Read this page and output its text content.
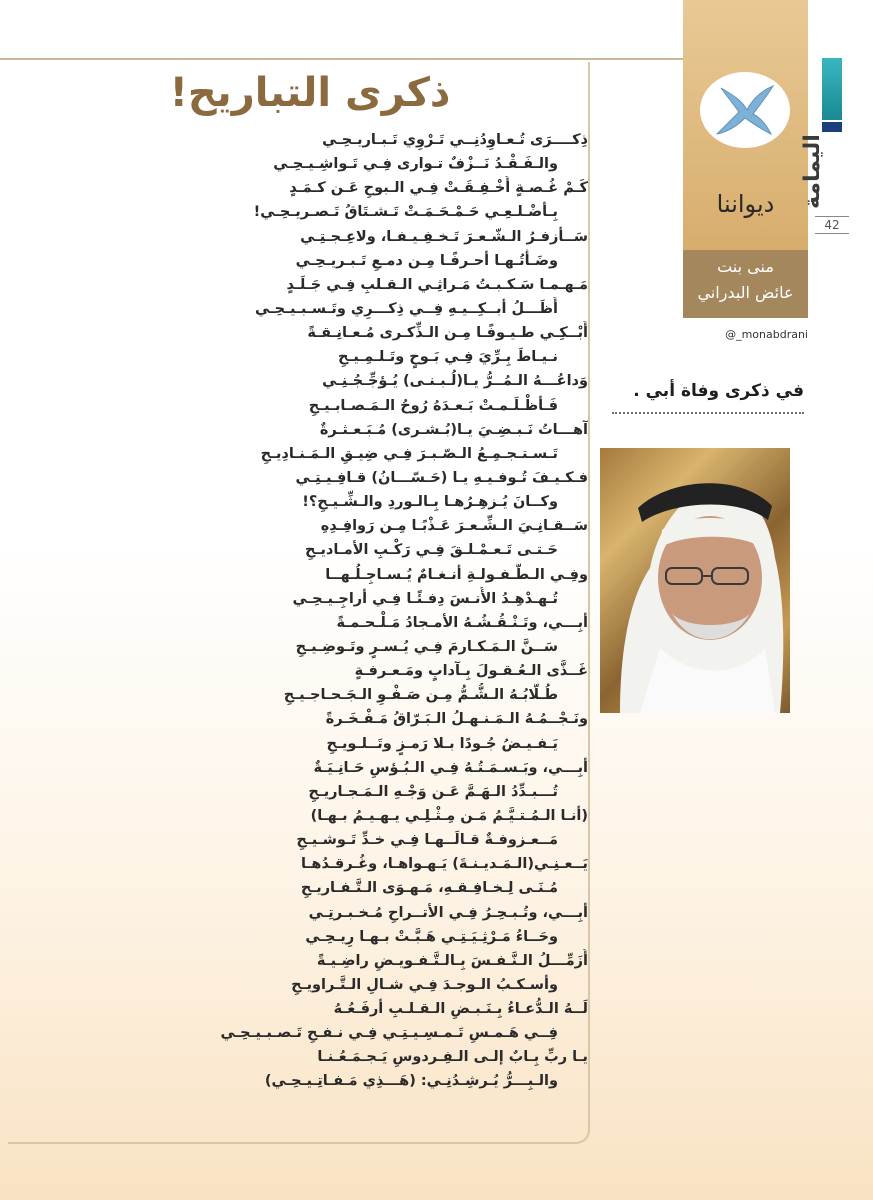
ذكرى التباريح!
ذِكــــرَى تُـعـاوِدُنِــي تَـرْوِي تَـبـاريـحِـي
والـفَـقْـدُ نَــزْفٌ تـوارى فِـي تَـواشِـيـحِـي
كَـمْ غُـصـةٍ أُخْـفِـقَـتْ فِـي الـبوحِ عَـن كـمَـدٍ
بِـأضْـلـعِـي حَـمْـحَـمَـتْ تَـشـتَاقُ تَـصـريـحِـي!
سَــأزفـرُ الـشّـعـرَ تَـخـفِـيـفـا، ولاعِـجـتِـي
وضَـأْتُـهـا أحـرفًـا مِـن دمـعِ تَـبـريـحِـي
مَـهـمـا سَـكـبـتُ مَـراثِـي الـقـلبِ فِـي جَـلَـدٍ
أَظَـــلُ أبــكِــيـهِ فِــي ذِكـــرِي وتَـسـبـيـحِـي
أَبْــكِـي طـيـوفًـا مِـن الـذِّكـرى مُـعـانِـقـةً
نـيـاطَ بِـرِّيَ فِـي بَـوحٍ وتَـلـمِـيـحِ
وَداعُـــهُ الـمُــرُّ يـا(لُـبـنـى) يُـؤجِّـجُـنِـي
فَـأظْـلَـمـتْ بَـعـدَهُ رُوحُ الـمَـصـابـيـحِ
آهـــاتُ نَـبـضِـيَ يـا(بُـشـرى) مُـبَـعـثـرةٌ
تَـسـتـجـمِـعُ الـصّـبـرَ فِـي ضِيـقِ الـمَـنـادِيـحِ
فـكـيـفَ تُـوفـيـهِ يـا (حَـسّـــانُ) قـافِـيـتِـي
وكــانَ يُـزهِـرُهـا بِـالـوردِ والـشِّـيـحِ؟!
سَــقـانِـيَ الـشِّـعـرَ عَـذْبًـا مِـن رَوافِـدِهِ
حَـتـى تَـعـمْـلـقَ فِـي رَكْـبِ الأمـاديـحِ
وفِـي الـطُّـفـولـةِ أنـغـامٌ يُـسـاجِـلُـهــا
تُـهـدْهِـدُ الأُنـسَ دِفـئًـا فِـي أراجِـيـحِـي
أبِـــي، وتَـنْـقُـشُـهُ الأمـجادُ مَـلْـحـمـةً
سَــنَّ الـمَـكـارمَ فِـي يُـسـرٍ وتَـوضِـيـحِ
غَــذَّى الـعُـقـولَ بِـآدابٍ ومَـعـرفـةٍ
طُـلَّابُـهُ الـشُّـمُّ مِـن صَـفْـوِ الـجَـحـاجـيـحِ
ونَـجْــمُـهُ الـمَـنـهـلُ الـبَـرّاقُ مَـفْـخَـرةً
يَـفـيـضُ جُـودًا بـلا رَمـزٍ وتَــلـويـحِ
أبِـــي، وبَـسـمَـتُـهُ فِـي الـبُـؤسِ حَـانِـيَـةٌ
تُـــبـدِّدُ الـهَـمَّ عَـن وَجْـهِ الـمَـجـاريـحِ
(أنـا الـمُـتـيَّـمُ مَـن مِـثْـلِـي يـهـيـمُ بـهـا)
مَــعـزوفـةٌ قـالَــهـا فِـي خـدِّ تَـوشـيـحِ
يَــعـنِـي(الـمَـديـنـةَ) يَـهـواهـا، وغُـرقـدُهـا
مُـنَـى لِـخـافِـقـهِ، مَـهـوَى الـتَّـفـاريـحِ
أبِـــي، وتُـبـحِـرُ فِـي الأتــراحِ مُـخـبـرتِـي
وحَــاءُ مَـرْثِـيَـتِـي هَـبَّـتْ بـهـا رِيـحِـي
أُزَمِّـــلُ الـنَّـفـسَ بِـالـتَّـفـويـضِ راضِـيـةً
وأسـكـبُ الـوجـدَ فِـي شـالِ الـتَّـراويـحِ
لَــهُ الـدُّعـاءُ بِـنَـبـضِ الـقـلـبِ أرفَـعُـهُ
فِــي هَـمـسِ تَـمـسِـيـتِـي فِـي نـفـحِ تَـصـبـيـحِـي
يـا ربِّ بِـابٌ إلـى الـفِـردوسِ يَـجـمَـعُـنـا
والـبِـــرُّ يُـرشِـدُنِـي: (هَـــذِي مَـفـاتِـيـحِـي)
ديواننا
منى بنت
عائض البدراني
@_monabdrani
في ذكرى وفاة أبي .
اليمامة
42
